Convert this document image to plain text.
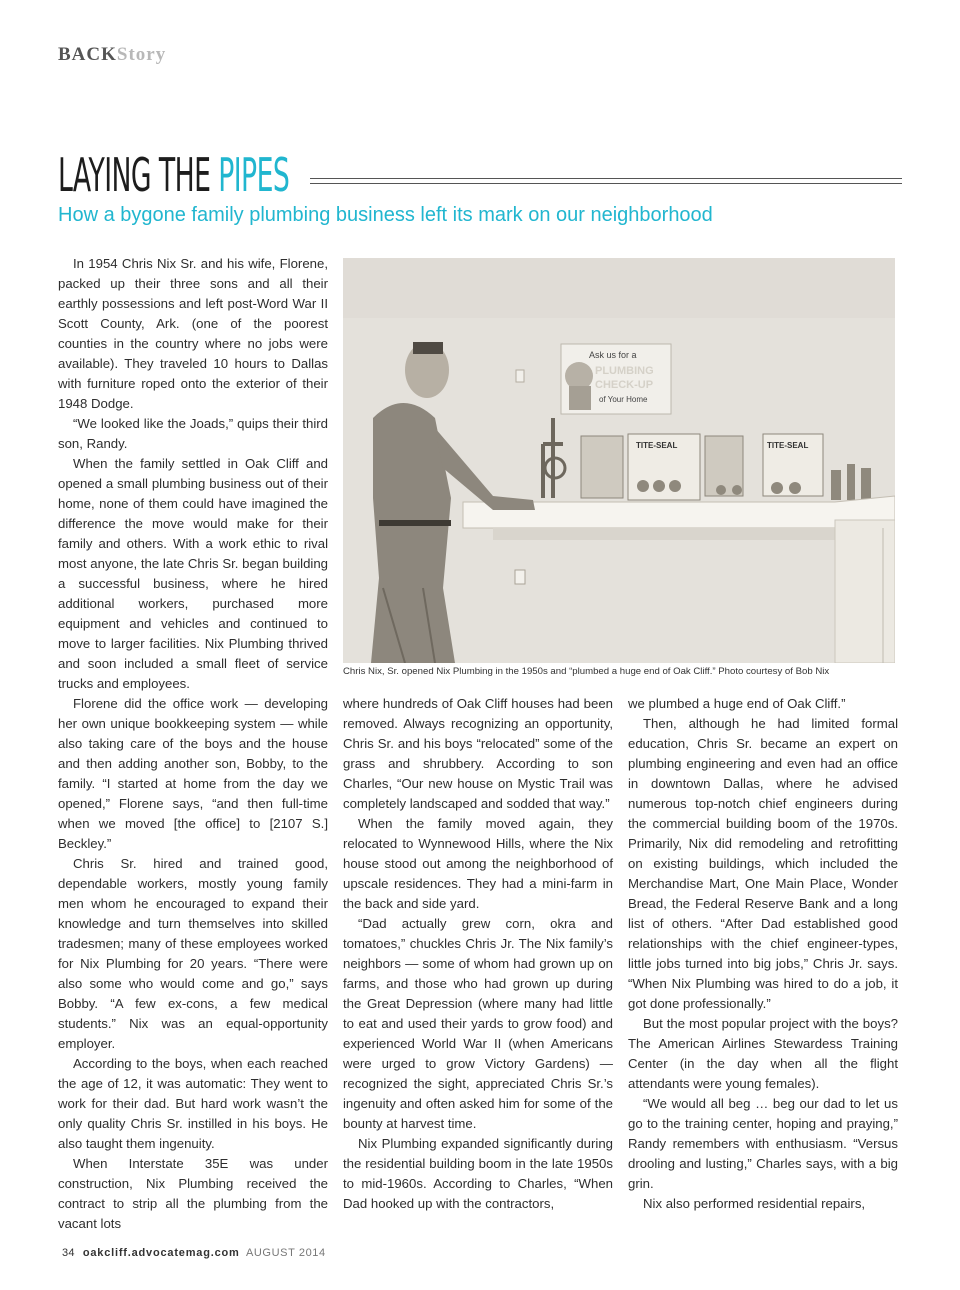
BACKStory
LAYING THE PIPES
How a bygone family plumbing business left its mark on our neighborhood

In 1954 Chris Nix Sr. and his wife, Florene, packed up their three sons and all their earthly possessions and left post-Word War II Scott County, Ark. (one of the poorest counties in the country where no jobs were available). They traveled 10 hours to Dallas with furniture roped onto the exterior of their 1948 Dodge.

“We looked like the Joads,” quips their third son, Randy.

When the family settled in Oak Cliff and opened a small plumbing business out of their home, none of them could have imagined the difference the move would make for their family and others. With a work ethic to rival most anyone, the late Chris Sr. began building a successful business, where he hired additional workers, purchased more equipment and vehicles and continued to move to larger facilities. Nix Plumbing thrived and soon included a small fleet of service trucks and employees.

Florene did the office work — developing her own unique bookkeeping system — while also taking care of the boys and the house and then adding another son, Bobby, to the family. “I started at home from the day we opened,” Florene says, “and then full-time when we moved [the office] to [2107 S.] Beckley.”

Chris Sr. hired and trained good, dependable workers, mostly young family men whom he encouraged to expand their knowledge and turn themselves into skilled tradesmen; many of these employees worked for Nix Plumbing for 20 years. “There were also some who would come and go,” says Bobby. “A few ex-cons, a few medical students.” Nix was an equal-opportunity employer.

According to the boys, when each reached the age of 12, it was automatic: They went to work for their dad. But hard work wasn’t the only quality Chris Sr. instilled in his boys. He also taught them ingenuity.

When Interstate 35E was under construction, Nix Plumbing received the contract to strip all the plumbing from the vacant lots

Ask us for a
PLUMBING
CHECK-UP
of Your Home
TITE-SEAL	TITE-SEAL
Chris Nix, Sr. opened Nix Plumbing in the 1950s and “plumbed a huge end of Oak Cliff.” Photo courtesy of Bob Nix

where hundreds of Oak Cliff houses had been removed. Always recognizing an opportunity, Chris Sr. and his boys “relocated” some of the grass and shrubbery. According to son Charles, “Our new house on Mystic Trail was completely landscaped and sodded that way.”

When the family moved again, they relocated to Wynnewood Hills, where the Nix house stood out among the neighborhood of upscale residences. They had a mini-farm in the back and side yard.

“Dad actually grew corn, okra and tomatoes,” chuckles Chris Jr. The Nix family’s neighbors — some of whom had grown up on farms, and those who had grown up during the Great Depression (where many had little to eat and used their yards to grow food) and experienced World War II (when Americans were urged to grow Victory Gardens) — recognized the sight, appreciated Chris Sr.’s ingenuity and often asked him for some of the bounty at harvest time.

Nix Plumbing expanded significantly during the residential building boom in the late 1950s to mid-1960s. According to Charles, “When Dad hooked up with the contractors,

we plumbed a huge end of Oak Cliff.”

Then, although he had limited formal education, Chris Sr. became an expert on plumbing engineering and even had an office in downtown Dallas, where he advised numerous top-notch chief engineers during the commercial building boom of the 1970s. Primarily, Nix did remodeling and retrofitting on existing buildings, which included the Merchandise Mart, One Main Place, Wonder Bread, the Federal Reserve Bank and a long list of others. “After Dad established good relationships with the chief engineer-types, little jobs turned into big jobs,” Chris Jr. says. “When Nix Plumbing was hired to do a job, it got done professionally.”

But the most popular project with the boys? The American Airlines Stewardess Training Center (in the day when all the flight attendants were young females).

“We would all beg … beg our dad to let us go to the training center, hoping and praying,” Randy remembers with enthusiasm. “Versus drooling and lusting,” Charles says, with a big grin.

Nix also performed residential repairs,

34 oakcliff.advocatemag.com AUGUST 2014
